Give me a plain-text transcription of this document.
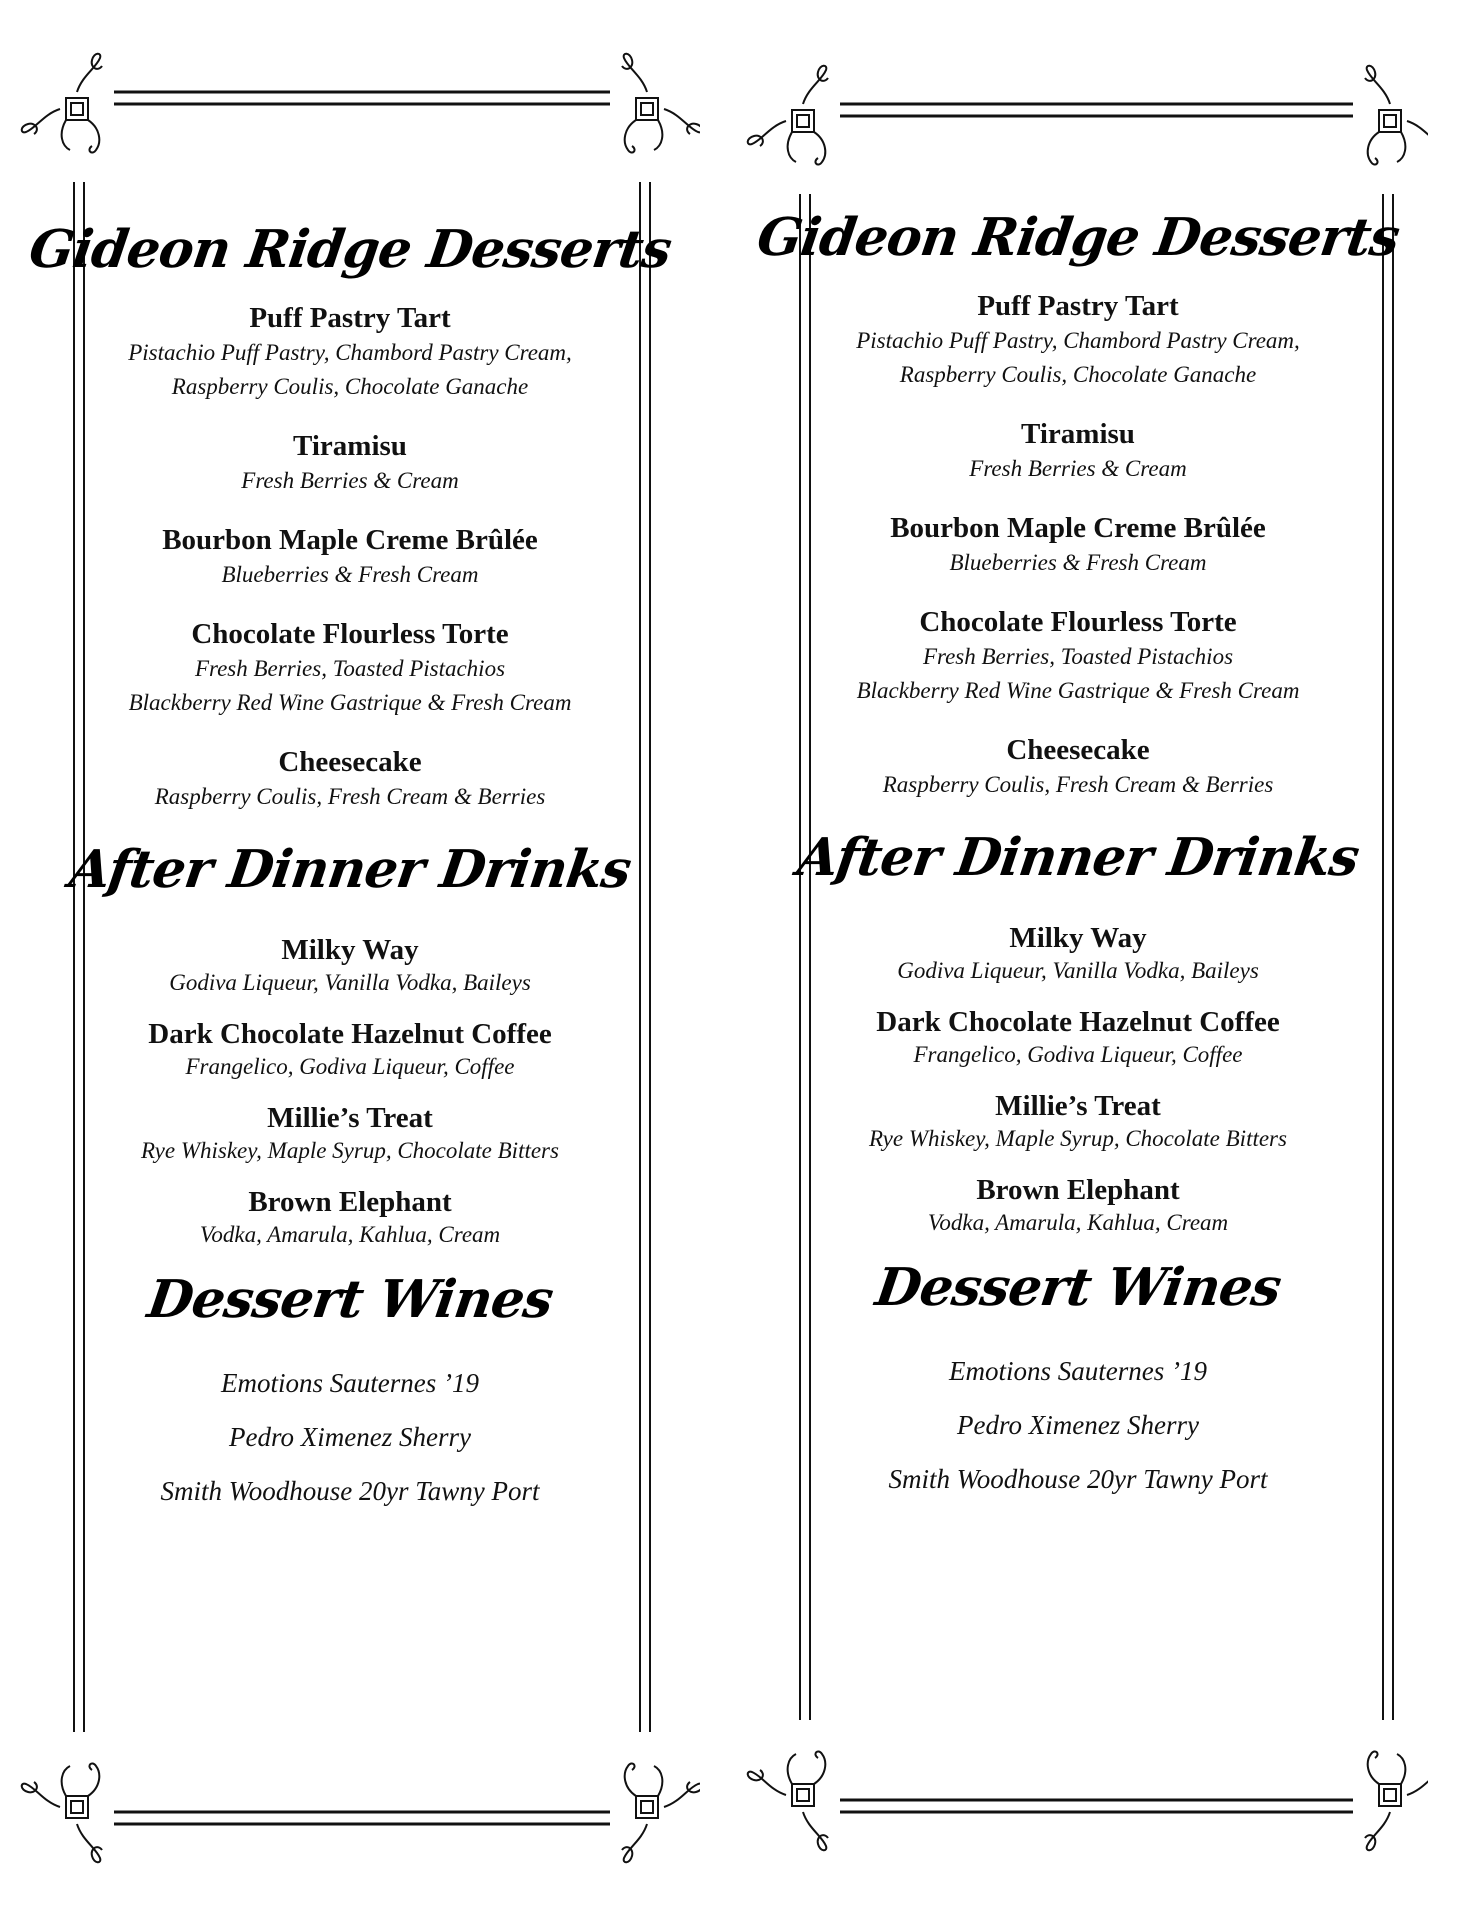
Gideon Ridge Desserts
Puff Pastry Tart
Pistachio Puff Pastry, Chambord Pastry Cream,
Raspberry Coulis, Chocolate Ganache
Tiramisu
Fresh Berries & Cream
Bourbon Maple Creme Brûlée
Blueberries & Fresh Cream
Chocolate Flourless Torte
Fresh Berries, Toasted Pistachios
Blackberry Red Wine Gastrique & Fresh Cream
Cheesecake
Raspberry Coulis, Fresh Cream & Berries
After Dinner Drinks
Milky Way
Godiva Liqueur, Vanilla Vodka, Baileys
Dark Chocolate Hazelnut Coffee
Frangelico, Godiva Liqueur, Coffee
Millie’s Treat
Rye Whiskey, Maple Syrup, Chocolate Bitters
Brown Elephant
Vodka, Amarula, Kahlua, Cream
Dessert Wines
Emotions Sauternes ’19
Pedro Ximenez Sherry
Smith Woodhouse 20yr Tawny Port
Gideon Ridge Desserts
Puff Pastry Tart
Pistachio Puff Pastry, Chambord Pastry Cream,
Raspberry Coulis, Chocolate Ganache
Tiramisu
Fresh Berries & Cream
Bourbon Maple Creme Brûlée
Blueberries & Fresh Cream
Chocolate Flourless Torte
Fresh Berries, Toasted Pistachios
Blackberry Red Wine Gastrique & Fresh Cream
Cheesecake
Raspberry Coulis, Fresh Cream & Berries
After Dinner Drinks
Milky Way
Godiva Liqueur, Vanilla Vodka, Baileys
Dark Chocolate Hazelnut Coffee
Frangelico, Godiva Liqueur, Coffee
Millie’s Treat
Rye Whiskey, Maple Syrup, Chocolate Bitters
Brown Elephant
Vodka, Amarula, Kahlua, Cream
Dessert Wines
Emotions Sauternes ’19
Pedro Ximenez Sherry
Smith Woodhouse 20yr Tawny Port
